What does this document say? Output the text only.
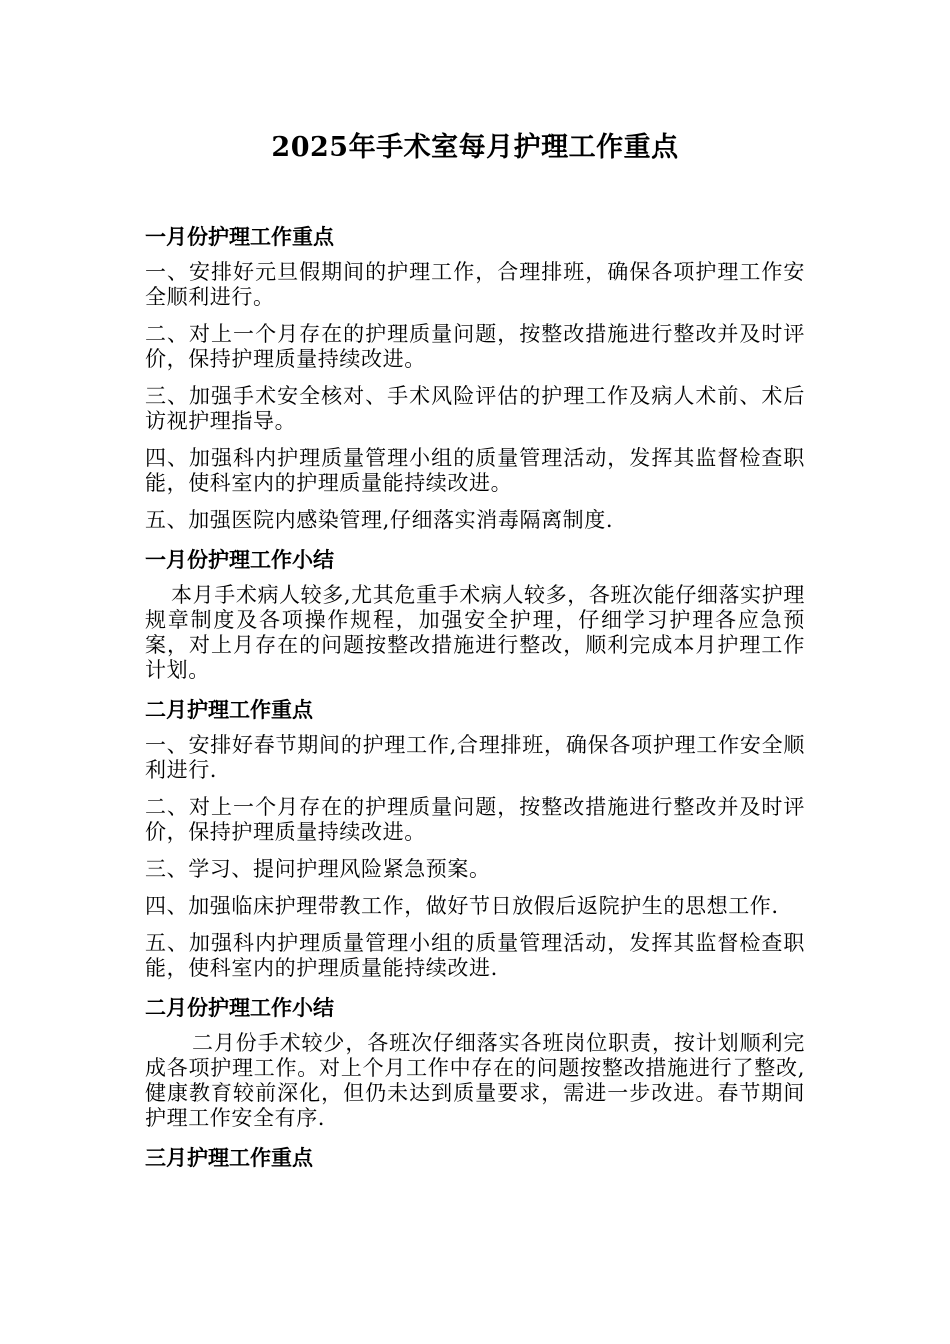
2025年手术室每月护理工作重点
一月份护理工作重点
一、安排好元旦假期间的护理工作，合理排班，确保各项护理工作安全顺利进行。
二、对上一个月存在的护理质量问题，按整改措施进行整改并及时评价，保持护理质量持续改进。
三、加强手术安全核对、手术风险评估的护理工作及病人术前、术后访视护理指导。
四、加强科内护理质量管理小组的质量管理活动，发挥其监督检查职能，使科室内的护理质量能持续改进。
五、加强医院内感染管理,仔细落实消毒隔离制度.
一月份护理工作小结
本月手术病人较多,尤其危重手术病人较多，各班次能仔细落实护理规章制度及各项操作规程，加强安全护理，仔细学习护理各应急预案，对上月存在的问题按整改措施进行整改，顺利完成本月护理工作计划。
二月护理工作重点
一、安排好春节期间的护理工作,合理排班，确保各项护理工作安全顺利进行.
二、对上一个月存在的护理质量问题，按整改措施进行整改并及时评价，保持护理质量持续改进。
三、学习、提问护理风险紧急预案。
四、加强临床护理带教工作，做好节日放假后返院护生的思想工作.
五、加强科内护理质量管理小组的质量管理活动，发挥其监督检查职能，使科室内的护理质量能持续改进.
二月份护理工作小结
二月份手术较少，各班次仔细落实各班岗位职责，按计划顺利完成各项护理工作。对上个月工作中存在的问题按整改措施进行了整改,健康教育较前深化，但仍未达到质量要求，需进一步改进。春节期间护理工作安全有序.
三月护理工作重点
